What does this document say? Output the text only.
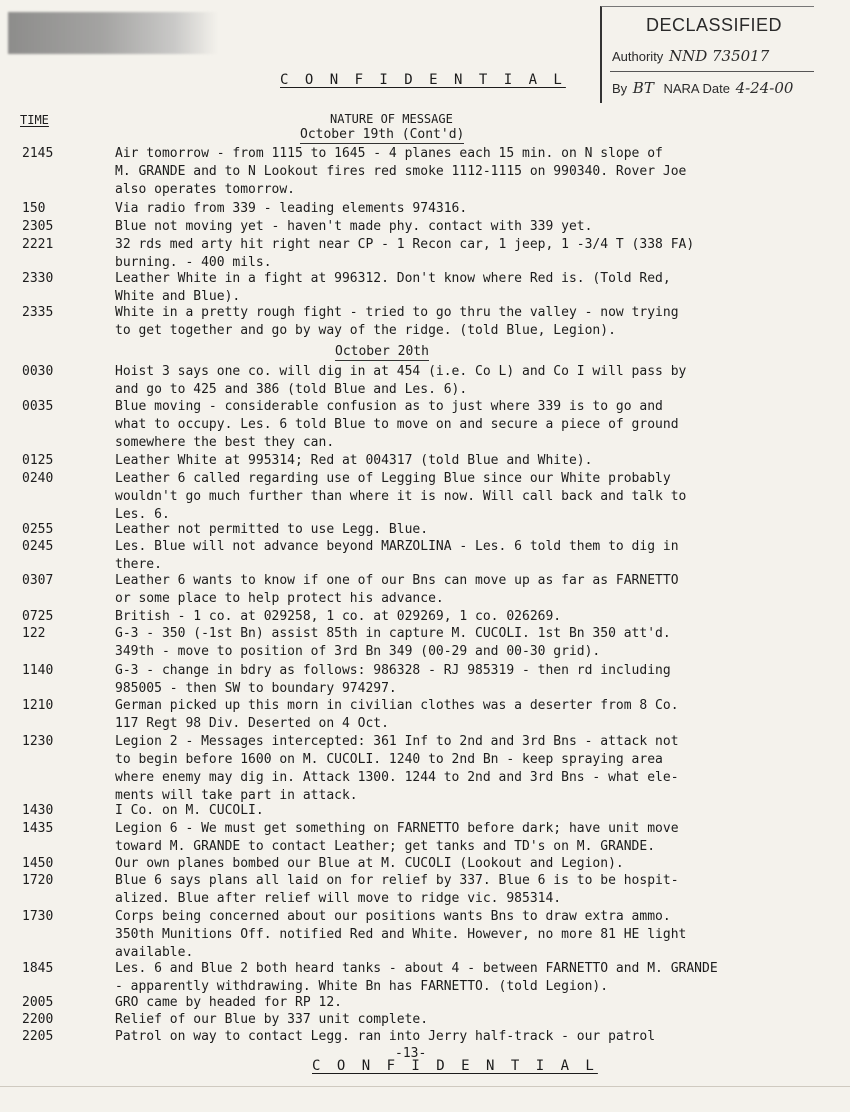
DECLASSIFIED
Authority NND 735017
By BT NARA Date 4-24-00
C O N F I D E N T I A L
TIME	NATURE OF MESSAGE
October 19th (Cont'd)
2145	Air tomorrow - from 1115 to 1645 - 4 planes each 15 min. on N slope of
M. GRANDE and to N Lookout fires red smoke 1112-1115 on 990340. Rover Joe
also operates tomorrow.
150	Via radio from 339 - leading elements 974316.
2305	Blue not moving yet - haven't made phy. contact with 339 yet.
2221	32 rds med arty hit right near CP - 1 Recon car, 1 jeep, 1 -3/4 T (338 FA)
burning. - 400 mils.
2330	Leather White in a fight at 996312. Don't know where Red is. (Told Red,
White and Blue).
2335	White in a pretty rough fight - tried to go thru the valley - now trying
to get together and go by way of the ridge. (told Blue, Legion).
October 20th
0030	Hoist 3 says one co. will dig in at 454 (i.e. Co L) and Co I will pass by
and go to 425 and 386 (told Blue and Les. 6).
0035	Blue moving - considerable confusion as to just where 339 is to go and
what to occupy. Les. 6 told Blue to move on and secure a piece of ground
somewhere the best they can.
0125	Leather White at 995314; Red at 004317 (told Blue and White).
0240	Leather 6 called regarding use of Legging Blue since our White probably
wouldn't go much further than where it is now. Will call back and talk to
Les. 6.
0255	Leather not permitted to use Legg. Blue.
0245	Les. Blue will not advance beyond MARZOLINA - Les. 6 told them to dig in
there.
0307	Leather 6 wants to know if one of our Bns can move up as far as FARNETTO
or some place to help protect his advance.
0725	British - 1 co. at 029258, 1 co. at 029269, 1 co. 026269.
122	G-3 - 350 (-1st Bn) assist 85th in capture M. CUCOLI. 1st Bn 350 att'd.
349th - move to position of 3rd Bn 349 (00-29 and 00-30 grid).
1140	G-3 - change in bdry as follows: 986328 - RJ 985319 - then rd including
985005 - then SW to boundary 974297.
1210	German picked up this morn in civilian clothes was a deserter from 8 Co.
117 Regt 98 Div. Deserted on 4 Oct.
1230	Legion 2 - Messages intercepted: 361 Inf to 2nd and 3rd Bns - attack not
to begin before 1600 on M. CUCOLI. 1240 to 2nd Bn - keep spraying area
where enemy may dig in. Attack 1300. 1244 to 2nd and 3rd Bns - what ele-
ments will take part in attack.
1430	I Co. on M. CUCOLI.
1435	Legion 6 - We must get something on FARNETTO before dark; have unit move
toward M. GRANDE to contact Leather; get tanks and TD's on M. GRANDE.
1450	Our own planes bombed our Blue at M. CUCOLI (Lookout and Legion).
1720	Blue 6 says plans all laid on for relief by 337. Blue 6 is to be hospit-
alized. Blue after relief will move to ridge vic. 985314.
1730	Corps being concerned about our positions wants Bns to draw extra ammo.
350th Munitions Off. notified Red and White. However, no more 81 HE light
available.
1845	Les. 6 and Blue 2 both heard tanks - about 4 - between FARNETTO and M. GRANDE
- apparently withdrawing. White Bn has FARNETTO. (told Legion).
2005	GRO came by headed for RP 12.
2200	Relief of our Blue by 337 unit complete.
2205	Patrol on way to contact Legg. ran into Jerry half-track - our patrol
-13-
C O N F I D E N T I A L
